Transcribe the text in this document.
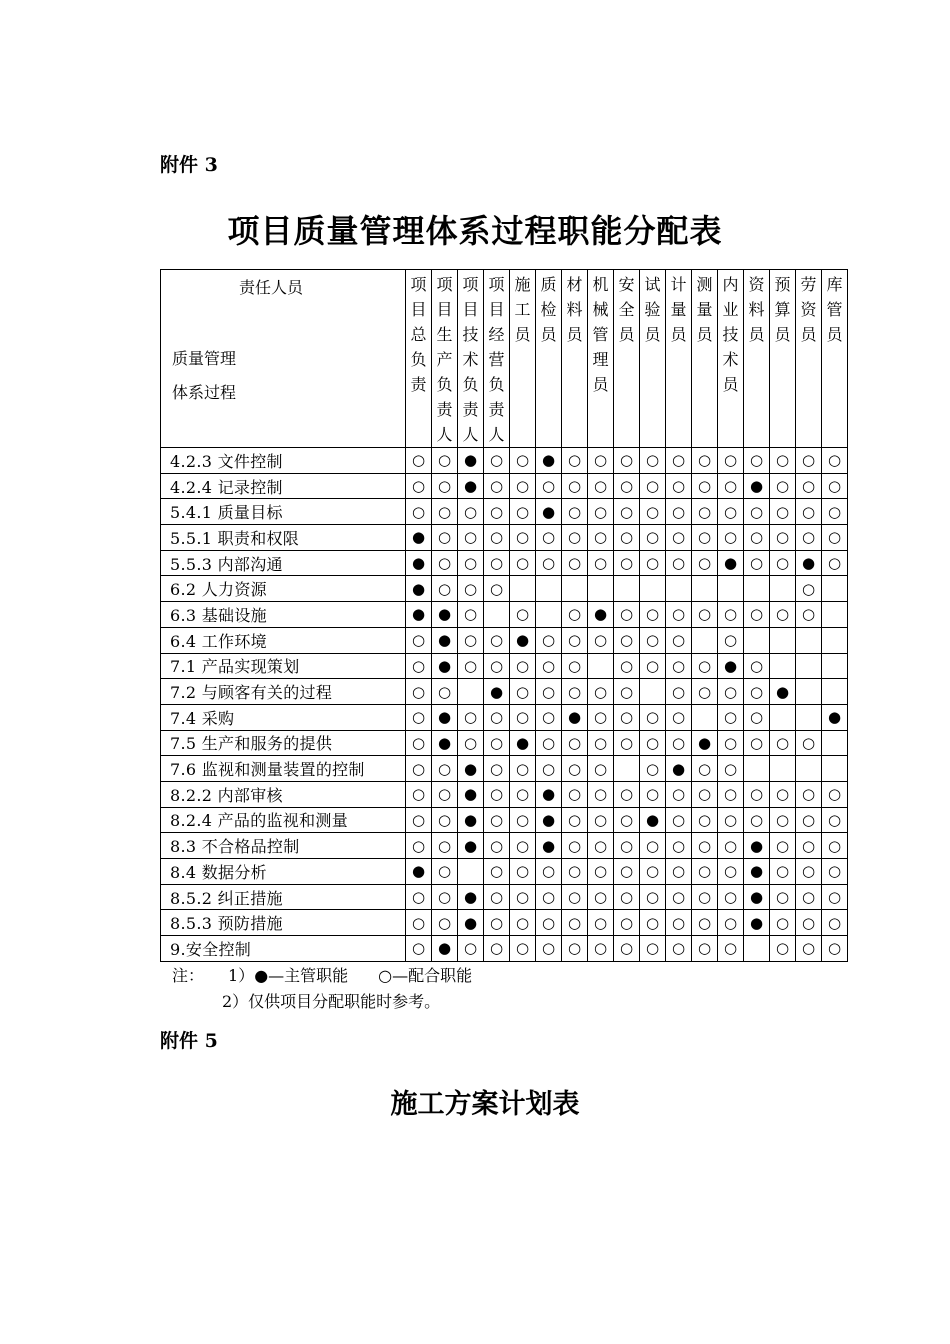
附件 3
项目质量管理体系过程职能分配表
责任人员
质量管理
体系过程	项目总负责	项目生产负责人	项目技术负责人	项目经营负责人	施工员	质检员	材料员	机械管理员	安全员	试验员	计量员	测量员	内业技术员	资料员	预算员	劳资员	库管员

4.2.3 文件控制	○	○	●	○	○	●	○	○	○	○	○	○	○	○	○	○	○
4.2.4 记录控制	○	○	●	○	○	○	○	○	○	○	○	○	○	●	○	○	○
5.4.1 质量目标	○	○	○	○	○	●	○	○	○	○	○	○	○	○	○	○	○
5.5.1 职责和权限	●	○	○	○	○	○	○	○	○	○	○	○	○	○	○	○	○
5.5.3 内部沟通	●	○	○	○	○	○	○	○	○	○	○	○	●	○	○	●	○
6.2 人力资源	●	○	○	○												○	
6.3 基础设施	●	●	○		○		○	●	○	○	○	○	○	○	○	○	
6.4 工作环境	○	●	○	○	●	○	○	○	○	○	○		○				
7.1 产品实现策划	○	●	○	○	○	○	○		○	○	○	○	●	○			
7.2 与顾客有关的过程	○	○		●	○	○	○	○	○		○	○	○	○	●		
7.4 采购	○	●	○	○	○	○	●	○	○	○	○		○	○			●
7.5 生产和服务的提供	○	●	○	○	●	○	○	○	○	○	○	●	○	○	○	○	
7.6 监视和测量装置的控制	○	○	●	○	○	○	○	○		○	●	○	○				
8.2.2 内部审核	○	○	●	○	○	●	○	○	○	○	○	○	○	○	○	○	○
8.2.4 产品的监视和测量	○	○	●	○	○	●	○	○	○	●	○	○	○	○	○	○	○
8.3 不合格品控制	○	○	●	○	○	●	○	○	○	○	○	○	○	●	○	○	○
8.4 数据分析	●	○		○	○	○	○	○	○	○	○	○	○	●	○	○	○
8.5.2 纠正措施	○	○	●	○	○	○	○	○	○	○	○	○	○	●	○	○	○
8.5.3 预防措施	○	○	●	○	○	○	○	○	○	○	○	○	○	●	○	○	○
9.安全控制	○	●	○	○	○	○	○	○	○	○	○	○	○		○	○	○
注： 1）●—主管职能 ○—配合职能
2）仅供项目分配职能时参考。
附件 5
施工方案计划表
